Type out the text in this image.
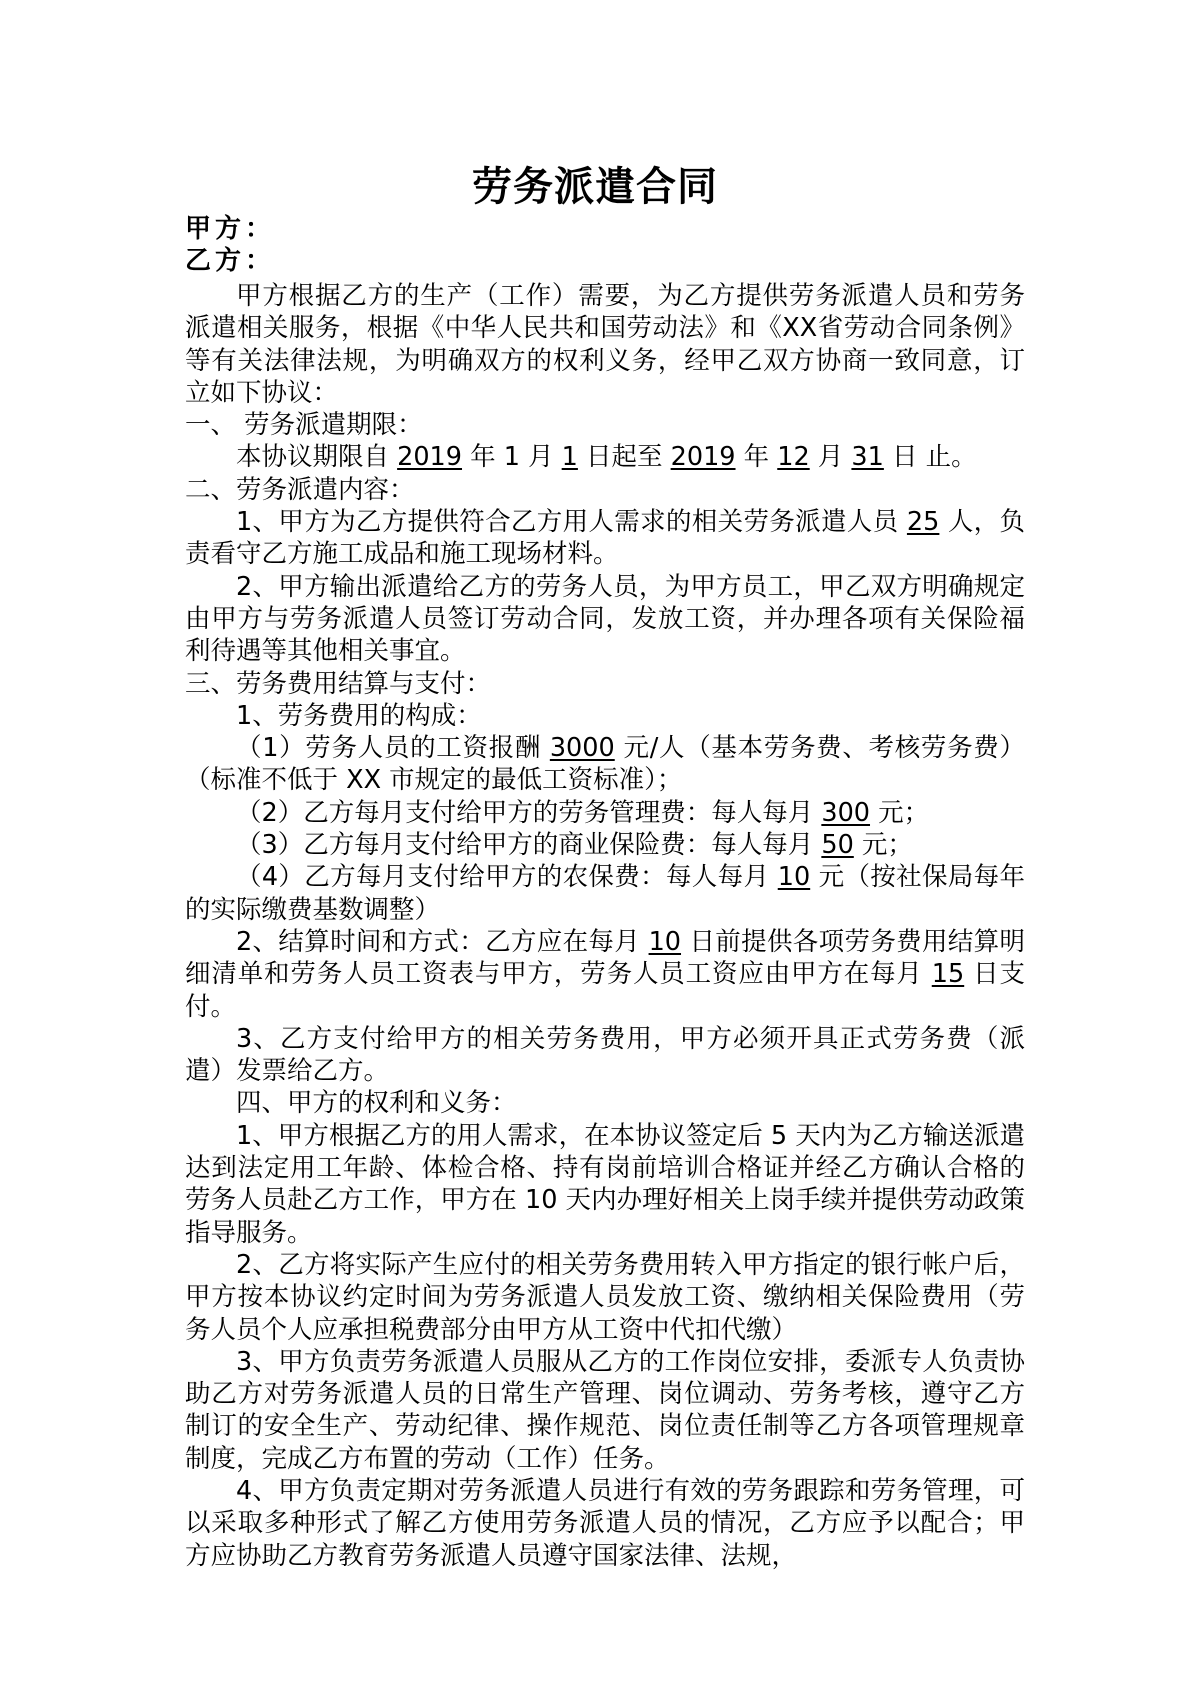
劳务派遣合同
甲方：
乙方：

甲方根据乙方的生产（工作）需要，为乙方提供劳务派遣人员和劳务派遣相关服务，根据《中华人民共和国劳动法》和《XX省劳动合同条例》等有关法律法规，为明确双方的权利义务，经甲乙双方协商一致同意，订立如下协议：

一、 劳务派遣期限：

本协议期限自 2019 年 1 月 1 日起至 2019 年 12 月 31 日 止。

二、劳务派遣内容：

1、甲方为乙方提供符合乙方用人需求的相关劳务派遣人员 25 人，负责看守乙方施工成品和施工现场材料。

2、甲方输出派遣给乙方的劳务人员，为甲方员工，甲乙双方明确规定由甲方与劳务派遣人员签订劳动合同，发放工资，并办理各项有关保险福利待遇等其他相关事宜。

三、劳务费用结算与支付：

1、劳务费用的构成：

（1）劳务人员的工资报酬 3000 元/人（基本劳务费、考核劳务费）（标准不低于 XX 市规定的最低工资标准）；

（2）乙方每月支付给甲方的劳务管理费：每人每月 300 元；

（3）乙方每月支付给甲方的商业保险费：每人每月 50 元；

（4）乙方每月支付给甲方的农保费：每人每月 10 元（按社保局每年的实际缴费基数调整）

2、结算时间和方式：乙方应在每月 10 日前提供各项劳务费用结算明细清单和劳务人员工资表与甲方，劳务人员工资应由甲方在每月 15 日支付。

3、乙方支付给甲方的相关劳务费用，甲方必须开具正式劳务费（派遣）发票给乙方。

四、甲方的权利和义务：

1、甲方根据乙方的用人需求，在本协议签定后 5 天内为乙方输送派遣达到法定用工年龄、体检合格、持有岗前培训合格证并经乙方确认合格的劳务人员赴乙方工作，甲方在 10 天内办理好相关上岗手续并提供劳动政策指导服务。

2、乙方将实际产生应付的相关劳务费用转入甲方指定的银行帐户后，甲方按本协议约定时间为劳务派遣人员发放工资、缴纳相关保险费用（劳务人员个人应承担税费部分由甲方从工资中代扣代缴）

3、甲方负责劳务派遣人员服从乙方的工作岗位安排，委派专人负责协助乙方对劳务派遣人员的日常生产管理、岗位调动、劳务考核，遵守乙方制订的安全生产、劳动纪律、操作规范、岗位责任制等乙方各项管理规章制度，完成乙方布置的劳动（工作）任务。

4、甲方负责定期对劳务派遣人员进行有效的劳务跟踪和劳务管理，可以采取多种形式了解乙方使用劳务派遣人员的情况，乙方应予以配合；甲方应协助乙方教育劳务派遣人员遵守国家法律、法规，
